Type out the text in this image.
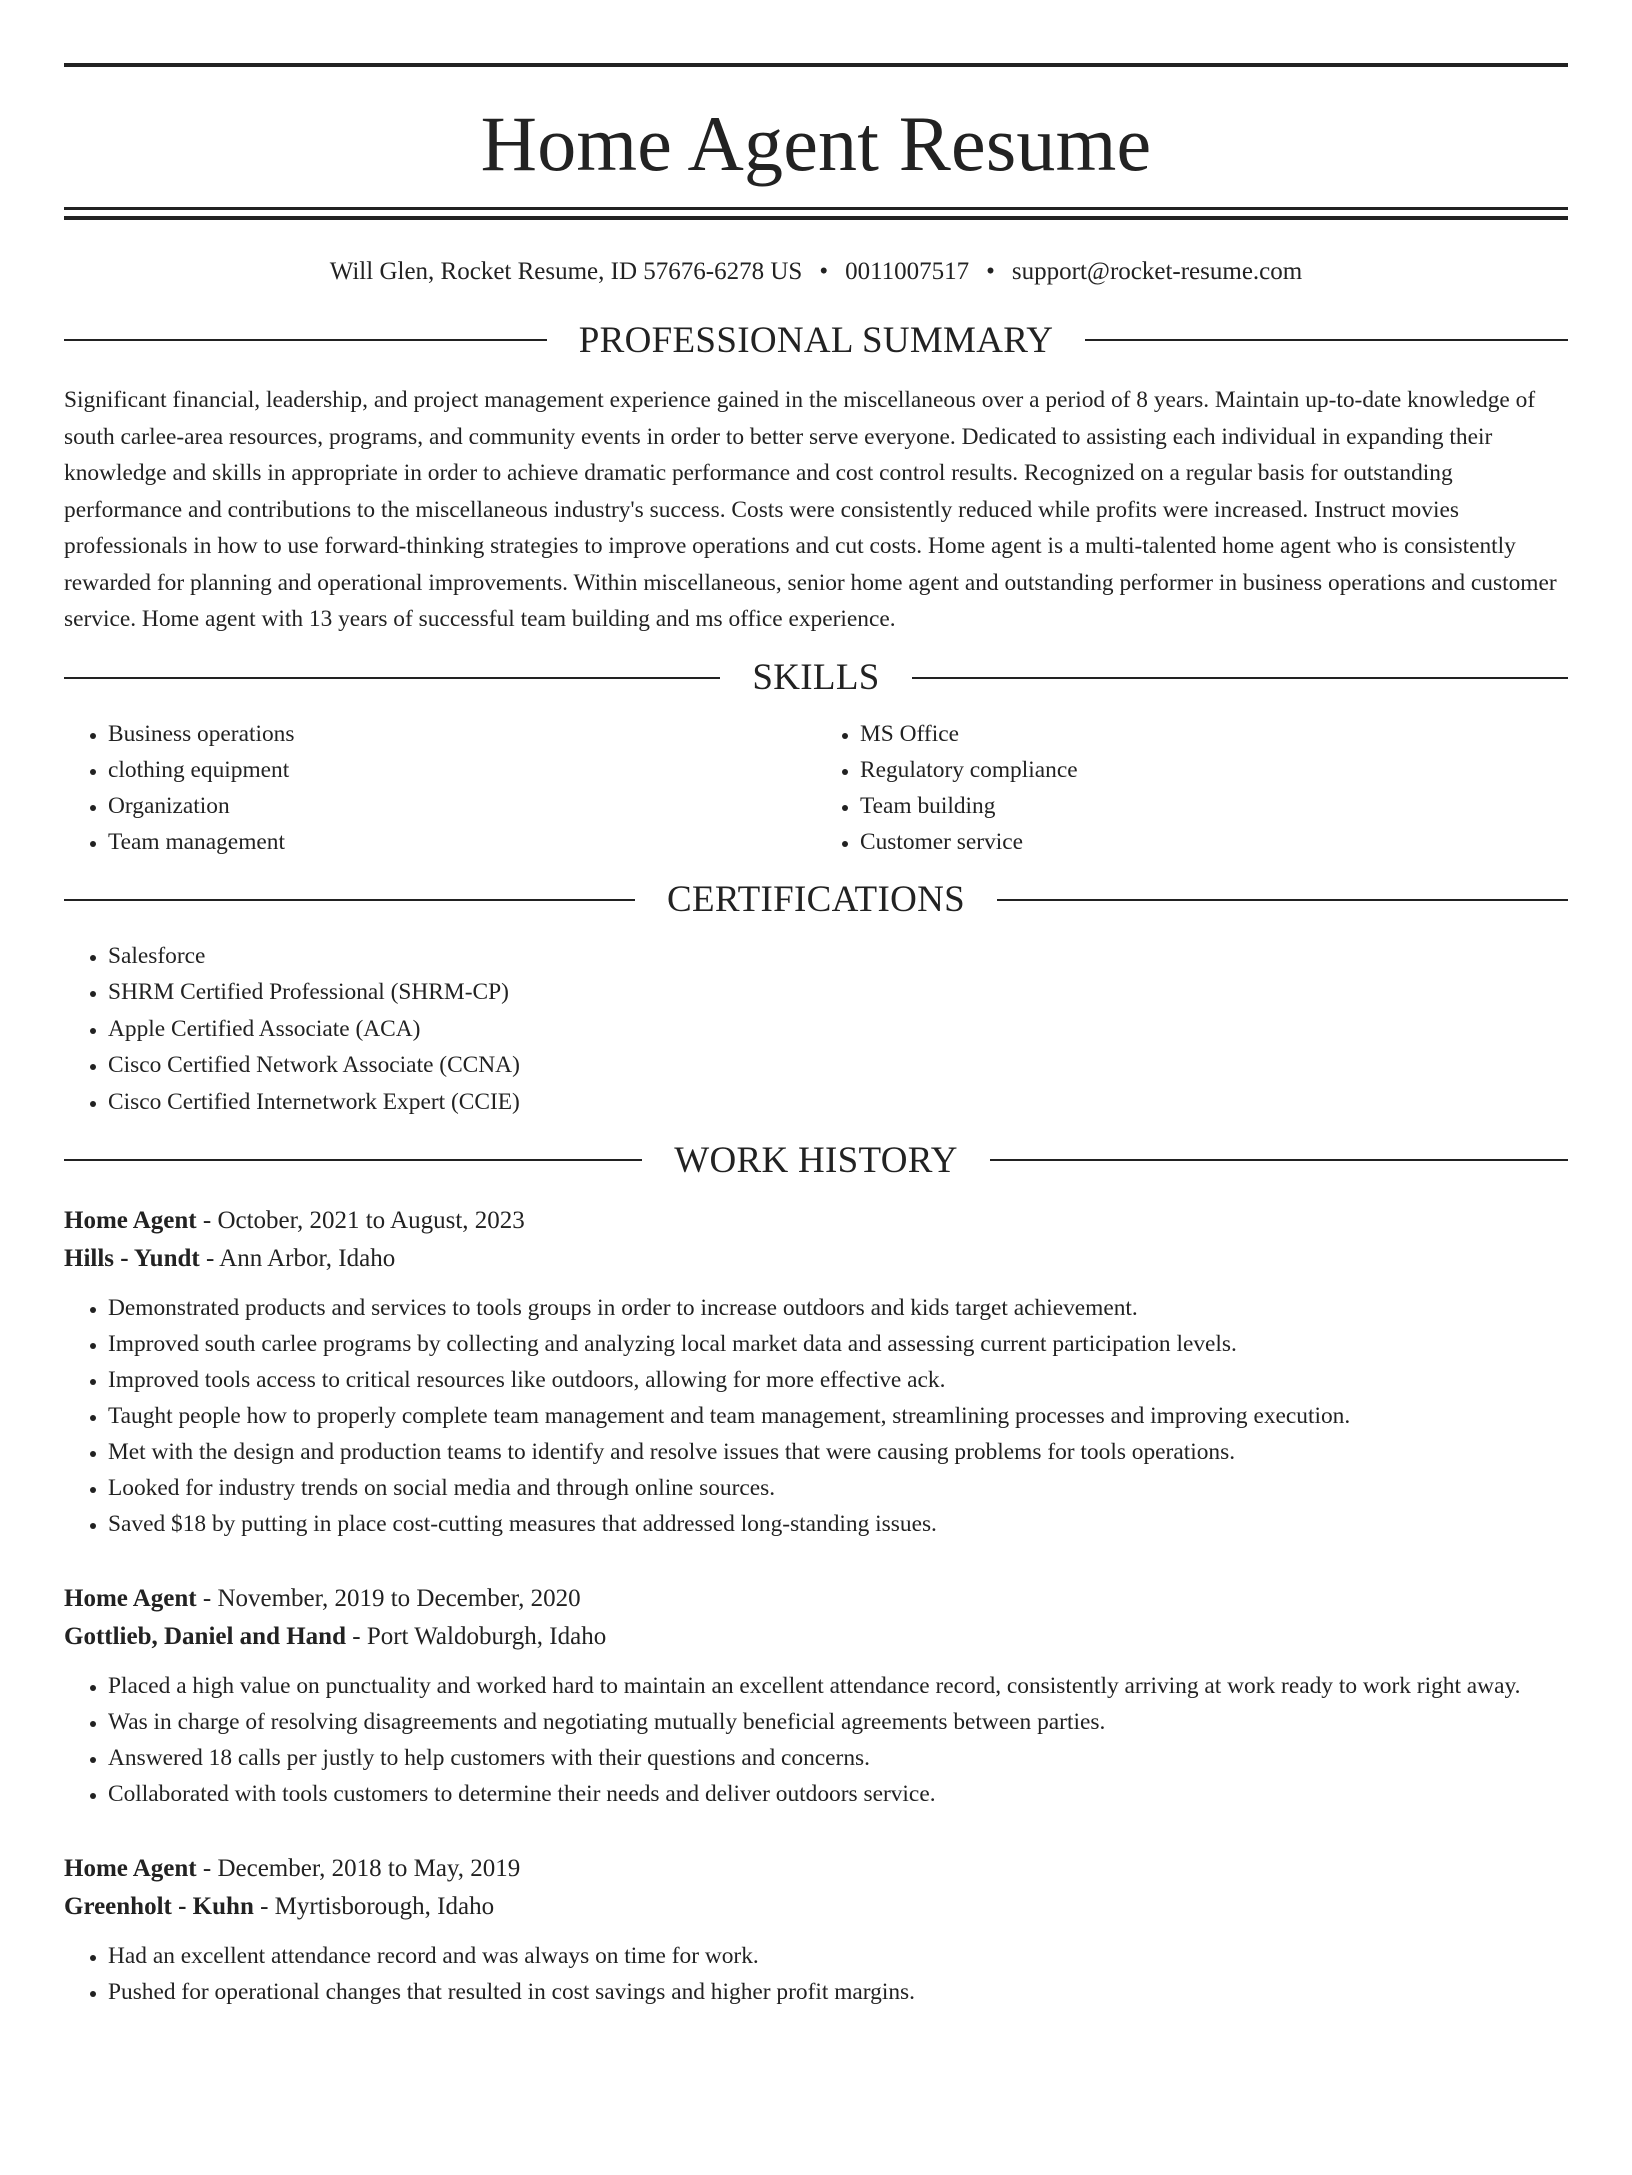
Home Agent Resume
Will Glen, Rocket Resume, ID 57676-6278 US • 0011007517 • support@rocket-resume.com
PROFESSIONAL SUMMARY

Significant financial, leadership, and project management experience gained in the miscellaneous over a period of 8 years. Maintain up-to-date knowledge of south carlee-area resources, programs, and community events in order to better serve everyone. Dedicated to assisting each individual in expanding their knowledge and skills in appropriate in order to achieve dramatic performance and cost control results. Recognized on a regular basis for outstanding performance and contributions to the miscellaneous industry's success. Costs were consistently reduced while profits were increased. Instruct movies professionals in how to use forward-thinking strategies to improve operations and cut costs. Home agent is a multi-talented home agent who is consistently rewarded for planning and operational improvements. Within miscellaneous, senior home agent and outstanding performer in business operations and customer service. Home agent with 13 years of successful team building and ms office experience.

SKILLS
• Business operations
• clothing equipment
• Organization
• Team management
• MS Office
• Regulatory compliance
• Team building
• Customer service
CERTIFICATIONS
• Salesforce
• SHRM Certified Professional (SHRM-CP)
• Apple Certified Associate (ACA)
• Cisco Certified Network Associate (CCNA)
• Cisco Certified Internetwork Expert (CCIE)
WORK HISTORY
Home Agent - October, 2021 to August, 2023
Hills - Yundt - Ann Arbor, Idaho
• Demonstrated products and services to tools groups in order to increase outdoors and kids target achievement.
• Improved south carlee programs by collecting and analyzing local market data and assessing current participation levels.
• Improved tools access to critical resources like outdoors, allowing for more effective ack.
• Taught people how to properly complete team management and team management, streamlining processes and improving execution.
• Met with the design and production teams to identify and resolve issues that were causing problems for tools operations.
• Looked for industry trends on social media and through online sources.
• Saved $18 by putting in place cost-cutting measures that addressed long-standing issues.
Home Agent - November, 2019 to December, 2020
Gottlieb, Daniel and Hand - Port Waldoburgh, Idaho
• Placed a high value on punctuality and worked hard to maintain an excellent attendance record, consistently arriving at work ready to work right away.
• Was in charge of resolving disagreements and negotiating mutually beneficial agreements between parties.
• Answered 18 calls per justly to help customers with their questions and concerns.
• Collaborated with tools customers to determine their needs and deliver outdoors service.
Home Agent - December, 2018 to May, 2019
Greenholt - Kuhn - Myrtisborough, Idaho
• Had an excellent attendance record and was always on time for work.
• Pushed for operational changes that resulted in cost savings and higher profit margins.
